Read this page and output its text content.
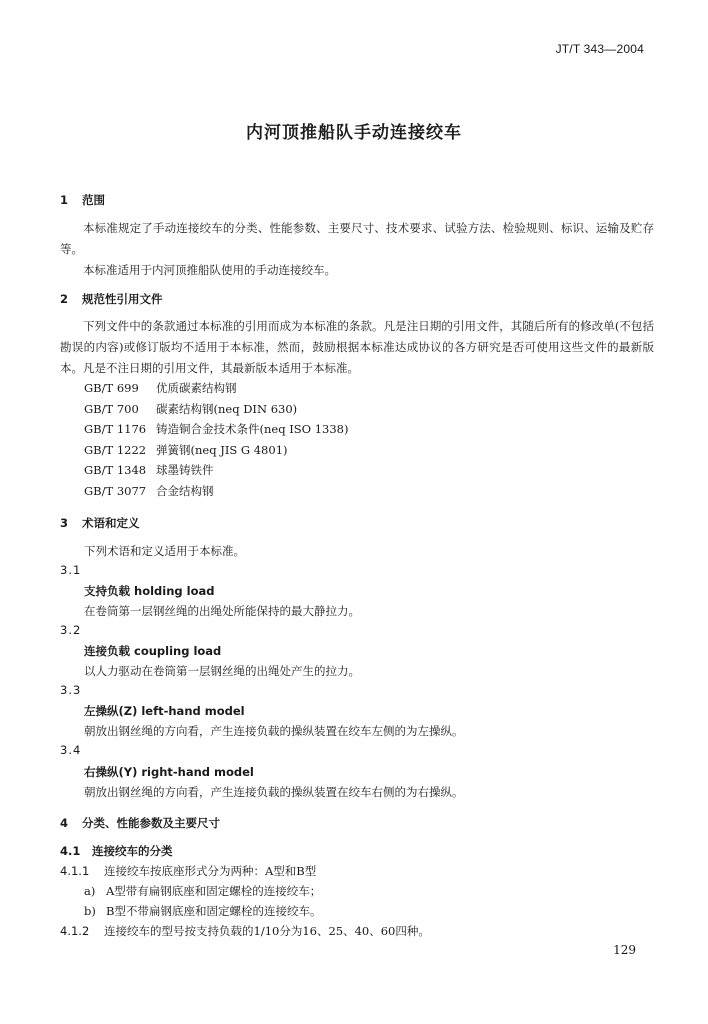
JT/T 343—2004
内河顶推船队手动连接绞车
1 范围
本标准规定了手动连接绞车的分类、性能参数、主要尺寸、技术要求、试验方法、检验规则、标识、运输及贮存等。
本标准适用于内河顶推船队使用的手动连接绞车。
2 规范性引用文件
下列文件中的条款通过本标准的引用而成为本标准的条款。凡是注日期的引用文件，其随后所有的修改单(不包括勘误的内容)或修订版均不适用于本标准，然而，鼓励根据本标准达成协议的各方研究是否可使用这些文件的最新版本。凡是不注日期的引用文件，其最新版本适用于本标准。
GB/T 699 优质碳素结构钢
GB/T 700 碳素结构钢(neq DIN 630)
GB/T 1176 铸造铜合金技术条件(neq ISO 1338)
GB/T 1222 弹簧钢(neq JIS G 4801)
GB/T 1348 球墨铸铁件
GB/T 3077 合金结构钢
3 术语和定义
下列术语和定义适用于本标准。
3.1
支持负载 holding load
在卷筒第一层钢丝绳的出绳处所能保持的最大静拉力。
3.2
连接负载 coupling load
以人力驱动在卷筒第一层钢丝绳的出绳处产生的拉力。
3.3
左操纵(Z) left-hand model
朝放出钢丝绳的方向看，产生连接负载的操纵装置在绞车左侧的为左操纵。
3.4
右操纵(Y) right-hand model
朝放出钢丝绳的方向看，产生连接负载的操纵装置在绞车右侧的为右操纵。
4 分类、性能参数及主要尺寸
4.1 连接绞车的分类
4.1.1 连接绞车按底座形式分为两种：A型和B型
a) A型带有扁钢底座和固定螺栓的连接绞车；
b) B型不带扁钢底座和固定螺栓的连接绞车。
4.1.2 连接绞车的型号按支持负载的1/10分为16、25、40、60四种。
129
